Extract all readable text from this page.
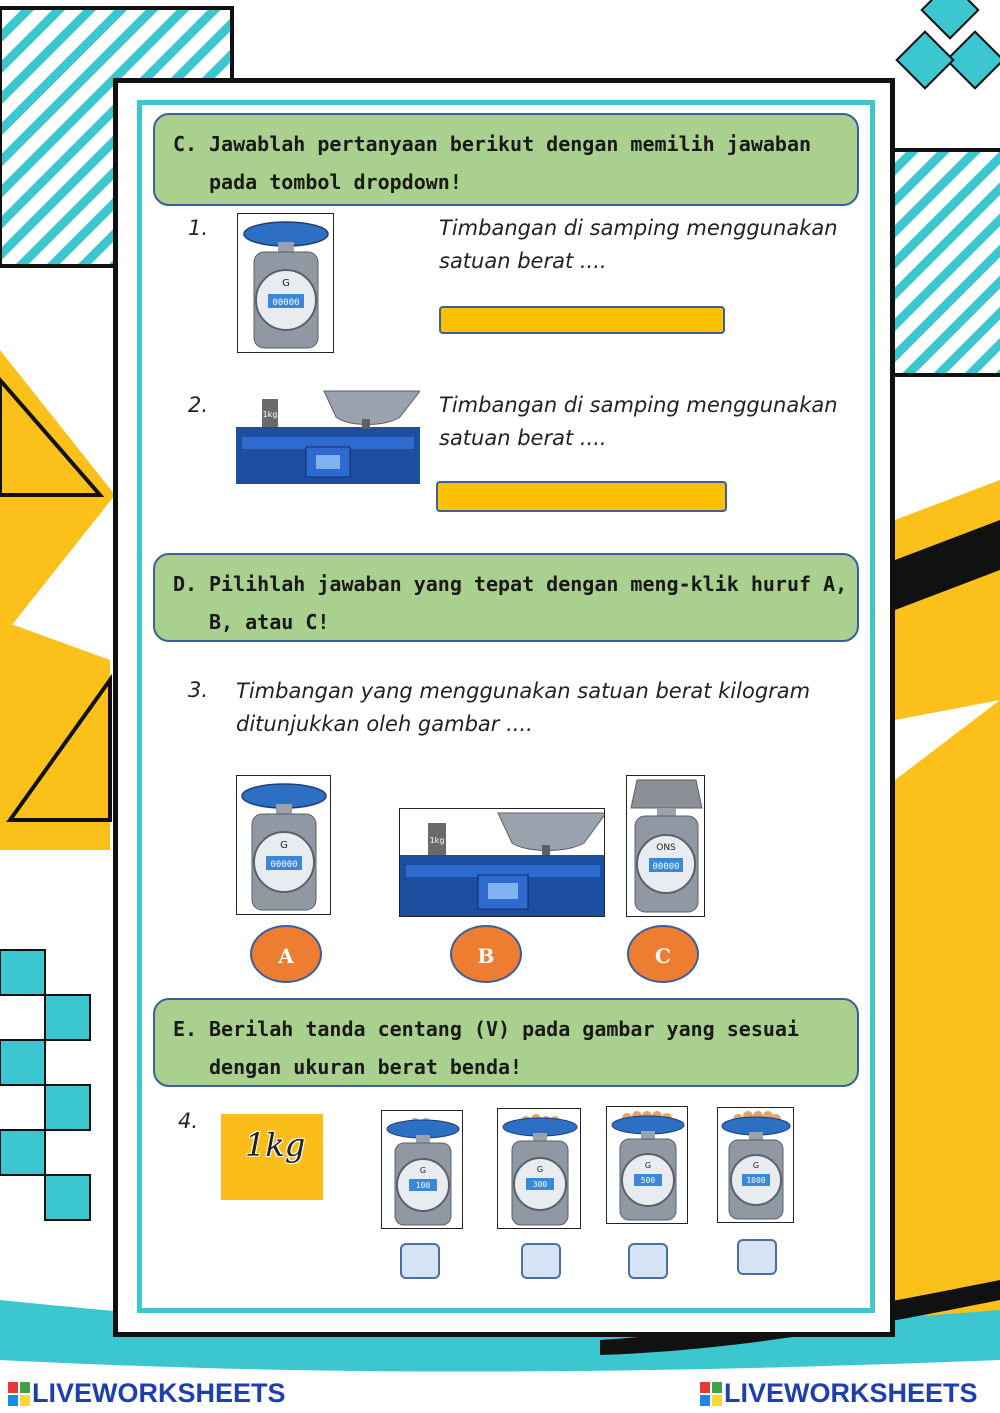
C. Jawablah pertanyaan berikut dengan memilih jawaban
pada tombol dropdown!
1.
G
00000
Timbangan di samping menggunakan
satuan berat ....
2.	1kg	Timbangan di samping menggunakan
satuan berat ....
D. Pilihlah jawaban yang tepat dengan meng-klik huruf A,
B, atau C!
3. Timbangan yang menggunakan satuan berat kilogram
ditunjukkan oleh gambar ....
G
00000
1kg
ONS
00000
A	B	C
E. Berilah tanda centang (V) pada gambar yang sesuai
dengan ukuran berat benda!
4.
1kg
G
100
G
300
G
500
G
1000
LIVEWORKSHEETS	LIVEWORKSHEETS
